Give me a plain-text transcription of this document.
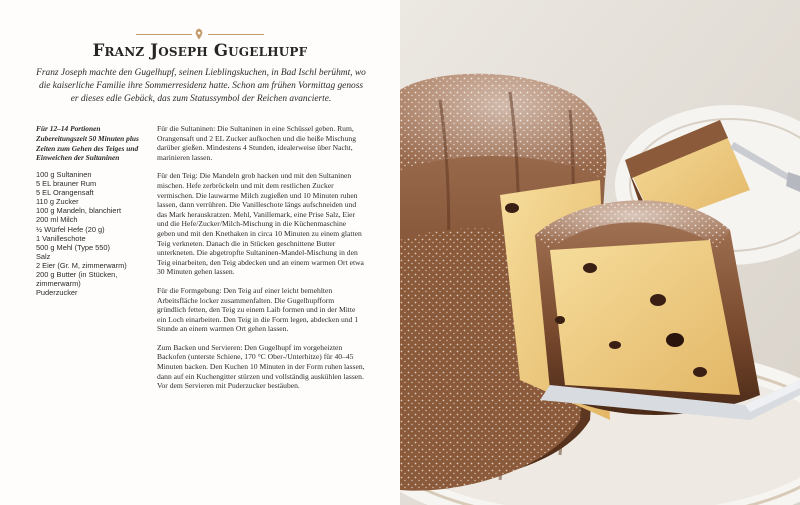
Franz Joseph Gugelhupf

Franz Joseph machte den Gugelhupf, seinen Lieblingskuchen, in Bad Ischl berühmt, wo die kaiserliche Familie ihre Sommerresidenz hatte. Schon am frühen Vormittag genoss er dieses edle Gebäck, das zum Statussymbol der Reichen avancierte.

Für 12–14 Portionen Zubereitungszeit 50 Minuten plus Zeiten zum Gehen des Teiges und Einweichen der Sultaninen

100 g Sultaninen
5 EL brauner Rum
5 EL Orangensaft
110 g Zucker
100 g Mandeln, blanchiert
200 ml Milch
½ Würfel Hefe (20 g)
1 Vanilleschote
500 g Mehl (Type 550)
Salz
2 Eier (Gr. M, zimmerwarm)
200 g Butter (in Stücken,
zimmerwarm)
Puderzucker

Für die Sultaninen: Die Sultaninen in eine Schüssel geben. Rum, Orangensaft und 2 EL Zucker aufkochen und die heiße Mischung darüber gießen. Mindestens 4 Stunden, idealerweise über Nacht, marinieren lassen.

Für den Teig: Die Mandeln grob hacken und mit den Sultaninen mischen. Hefe zerbröckeln und mit dem restlichen Zucker vermischen. Die lauwarme Milch zugießen und 10 Minuten ruhen lassen, dann verrühren. Die Vanilleschote längs aufschneiden und das Mark herauskratzen. Mehl, Vanillemark, eine Prise Salz, Eier und die Hefe/Zucker/Milch-Mischung in die Küchenmaschine geben und mit den Knethaken in circa 10 Minuten zu einem glatten Teig verkneten. Danach die in Stücken geschnittene Butter unterkneten. Die abgetropfte Sultaninen-Mandel-Mischung in den Teig einarbeiten, den Teig abdecken und an einem warmen Ort etwa 30 Minuten gehen lassen.

Für die Formgebung: Den Teig auf einer leicht bemehlten Arbeitsfläche locker zusammenfalten. Die Gugelhupfform gründlich fetten, den Teig zu einem Laib formen und in der Mitte ein Loch einarbeiten. Den Teig in die Form legen, abdecken und 1 Stunde an einem warmen Ort gehen lassen.

Zum Backen und Servieren: Den Gugelhupf im vorgeheizten Backofen (unterste Schiene, 170 °C Ober-/Unterhitze) für 40–45 Minuten backen. Den Kuchen 10 Minuten in der Form ruhen lassen, dann auf ein Kuchengitter stürzen und vollständig auskühlen lassen. Vor dem Servieren mit Puderzucker bestäuben.
